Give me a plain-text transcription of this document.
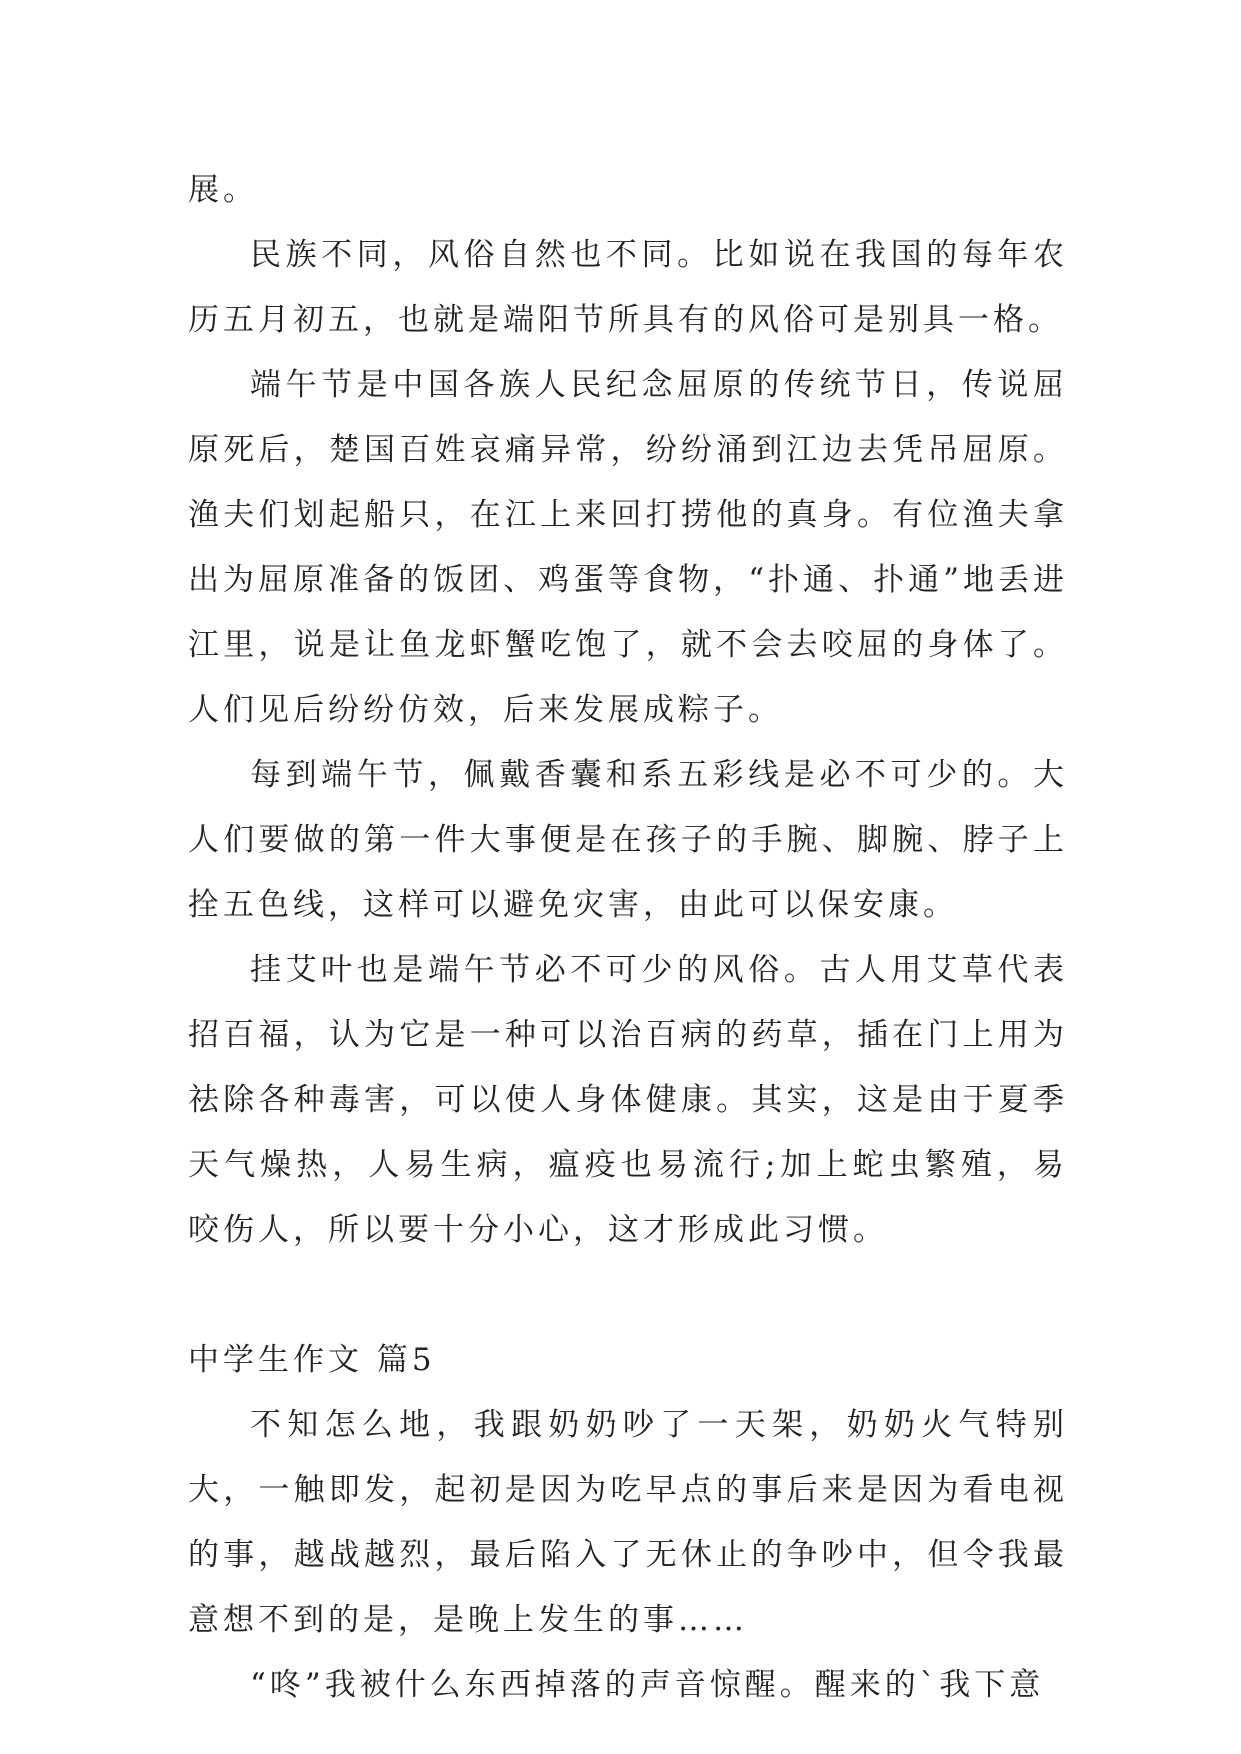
展。

民族不同，风俗自然也不同。比如说在我国的每年农历五月初五，也就是端阳节所具有的风俗可是别具一格。

端午节是中国各族人民纪念屈原的传统节日，传说屈原死后，楚国百姓哀痛异常，纷纷涌到江边去凭吊屈原。渔夫们划起船只，在江上来回打捞他的真身。有位渔夫拿出为屈原准备的饭团、鸡蛋等食物，“扑通、扑通”地丢进江里，说是让鱼龙虾蟹吃饱了，就不会去咬屈的身体了。人们见后纷纷仿效，后来发展成粽子。

每到端午节，佩戴香囊和系五彩线是必不可少的。大人们要做的第一件大事便是在孩子的手腕、脚腕、脖子上拴五色线，这样可以避免灾害，由此可以保安康。

挂艾叶也是端午节必不可少的风俗。古人用艾草代表招百福，认为它是一种可以治百病的药草，插在门上用为祛除各种毒害，可以使人身体健康。其实，这是由于夏季天气燥热，人易生病，瘟疫也易流行;加上蛇虫繁殖，易咬伤人，所以要十分小心，这才形成此习惯。

中学生作文 篇5

不知怎么地，我跟奶奶吵了一天架，奶奶火气特别大，一触即发，起初是因为吃早点的事后来是因为看电视的事，越战越烈，最后陷入了无休止的争吵中，但令我最意想不到的是，是晚上发生的事……

“咚”我被什么东西掉落的声音惊醒。醒来的`我下意
